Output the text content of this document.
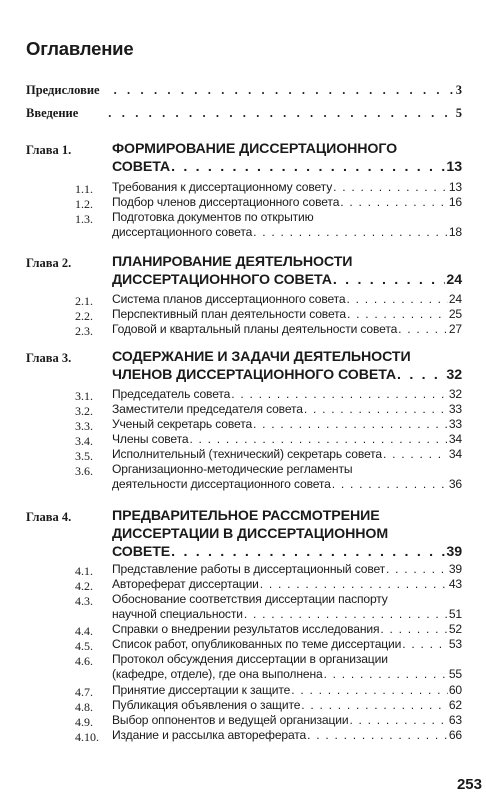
Оглавление
Предисловие . . .	3
Введение . . .	5
Глава 1.	ФОРМИРОВАНИЕ ДИССЕРТАЦИОННОГО
СОВЕТА . . .	13
1.1.	Требования к диссертационному совету . . .	13
1.2.	Подбор членов диссертационного совета . . .	16
1.3.	Подготовка документов по открытию
диссертационного совета . . .	18
Глава 2.	ПЛАНИРОВАНИЕ ДЕЯТЕЛЬНОСТИ
ДИССЕРТАЦИОННОГО СОВЕТА . . .	24
2.1.	Система планов диссертационного совета . . .	24
2.2.	Перспективный план деятельности совета . . .	25
2.3.	Годовой и квартальный планы деятельности совета . . .	27
Глава 3.	СОДЕРЖАНИЕ И ЗАДАЧИ ДЕЯТЕЛЬНОСТИ
ЧЛЕНОВ ДИССЕРТАЦИОННОГО СОВЕТА . . .	32
3.1.	Председатель совета . . .	32
3.2.	Заместители председателя совета . . .	33
3.3.	Ученый секретарь совета . . .	33
3.4.	Члены совета . . .	34
3.5.	Исполнительный (технический) секретарь совета . . .	34
3.6.	Организационно-методические регламенты
деятельности диссертационного совета . . .	36
Глава 4.	ПРЕДВАРИТЕЛЬНОЕ РАССМОТРЕНИЕ
ДИССЕРТАЦИИ В ДИССЕРТАЦИОННОМ
СОВЕТЕ . . .	39
4.1.	Представление работы в диссертационный совет . . .	39
4.2.	Автореферат диссертации . . .	43
4.3.	Обоснование соответствия диссертации паспорту
научной специальности . . .	51
4.4.	Справки о внедрении результатов исследования . . .	52
4.5.	Список работ, опубликованных по теме диссертации . . .	53
4.6.	Протокол обсуждения диссертации в организации
(кафедре, отделе), где она выполнена . . .	55
4.7.	Принятие диссертации к защите . . .	60
4.8.	Публикация объявления о защите . . .	62
4.9.	Выбор оппонентов и ведущей организации . . .	63
4.10.	Издание и рассылка автореферата . . .	66
253
